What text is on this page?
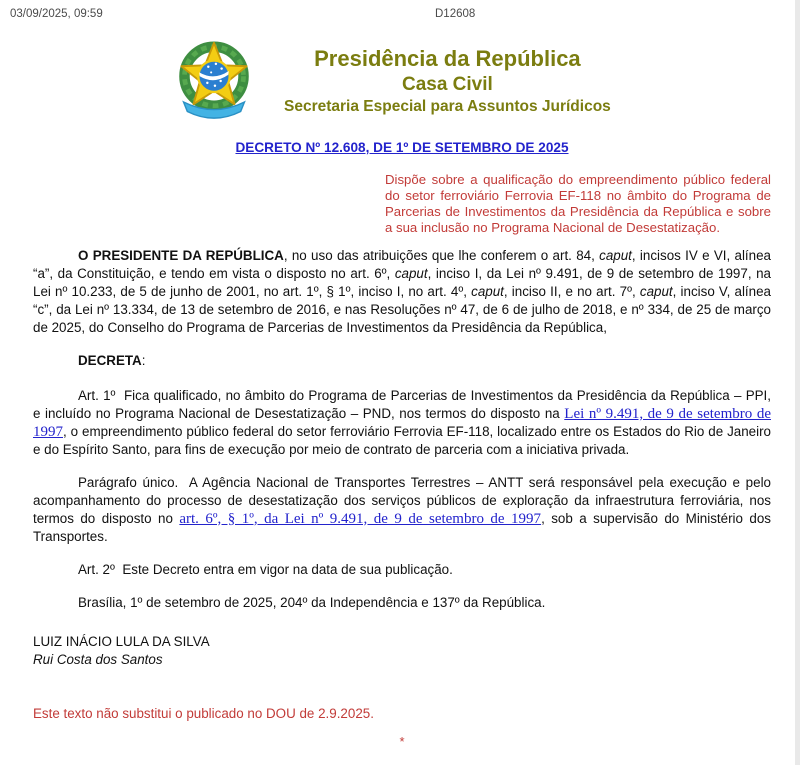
03/09/2025, 09:59	D12608
Presidência da República
Casa Civil
Secretaria Especial para Assuntos Jurídicos
DECRETO Nº 12.608, DE 1º DE SETEMBRO DE 2025

Dispõe sobre a qualificação do empreendimento público federal do setor ferroviário Ferrovia EF-118 no âmbito do Programa de Parcerias de Investimentos da Presidência da República e sobre a sua inclusão no Programa Nacional de Desestatização.

O PRESIDENTE DA REPÚBLICA, no uso das atribuições que lhe conferem o art. 84, caput, incisos IV e VI, alínea “a”, da Constituição, e tendo em vista o disposto no art. 6º, caput, inciso I, da Lei nº 9.491, de 9 de setembro de 1997, na Lei nº 10.233, de 5 de junho de 2001, no art. 1º, § 1º, inciso I, no art. 4º, caput, inciso II, e no art. 7º, caput, inciso V, alínea “c”, da Lei nº 13.334, de 13 de setembro de 2016, e nas Resoluções nº 47, de 6 de julho de 2018, e nº 334, de 25 de março de 2025, do Conselho do Programa de Parcerias de Investimentos da Presidência da República,

DECRETA:

Art. 1º  Fica qualificado, no âmbito do Programa de Parcerias de Investimentos da Presidência da República – PPI, e incluído no Programa Nacional de Desestatização – PND, nos termos do disposto na Lei nº 9.491, de 9 de setembro de 1997, o empreendimento público federal do setor ferroviário Ferrovia EF-118, localizado entre os Estados do Rio de Janeiro e do Espírito Santo, para fins de execução por meio de contrato de parceria com a iniciativa privada.

Parágrafo único.  A Agência Nacional de Transportes Terrestres – ANTT será responsável pela execução e pelo acompanhamento do processo de desestatização dos serviços públicos de exploração da infraestrutura ferroviária, nos termos do disposto no art. 6º, § 1º, da Lei nº 9.491, de 9 de setembro de 1997, sob a supervisão do Ministério dos Transportes.

Art. 2º  Este Decreto entra em vigor na data de sua publicação.

Brasília, 1º de setembro de 2025, 204º da Independência e 137º da República.

LUIZ INÁCIO LULA DA SILVA
Rui Costa dos Santos

Este texto não substitui o publicado no DOU de 2.9.2025.

*
